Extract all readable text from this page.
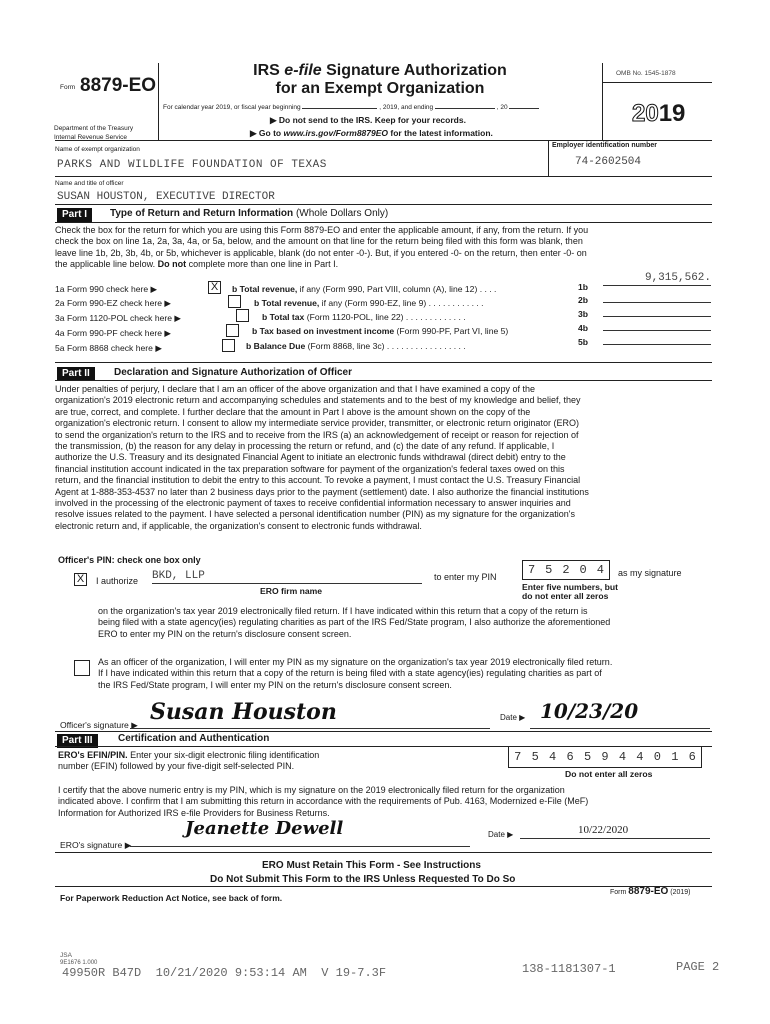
Form 8879-EO
Department of the Treasury
Internal Revenue Service
IRS e-file Signature Authorization
for an Exempt Organization
For calendar year 2019, or fiscal year beginning	, 2019, and ending	, 20
▶ Do not send to the IRS. Keep for your records.
▶ Go to www.irs.gov/Form8879EO for the latest information.
OMB No. 1545-1878
2019
Name of exempt organization
PARKS AND WILDLIFE FOUNDATION OF TEXAS
Employer identification number
74-2602504
Name and title of officer
SUSAN HOUSTON, EXECUTIVE DIRECTOR
Part I	Type of Return and Return Information (Whole Dollars Only)
Check the box for the return for which you are using this Form 8879-EO and enter the applicable amount, if any, from the return. If you
check the box on line 1a, 2a, 3a, 4a, or 5a, below, and the amount on that line for the return being filed with this form was blank, then
leave line 1b, 2b, 3b, 4b, or 5b, whichever is applicable, blank (do not enter -0-). But, if you entered -0- on the return, then enter -0- on
the applicable line below. Do not complete more than one line in Part I.
1a Form 990 check here ▶	X	b Total revenue, if any (Form 990, Part VIII, column (A), line 12) . . . .	1b
9,315,562.
2a Form 990-EZ check here ▶	b Total revenue, if any (Form 990-EZ, line 9) . . . . . . . . . . . .	2b
3a Form 1120-POL check here ▶	b Total tax (Form 1120-POL, line 22) . . . . . . . . . . . . .	3b
4a Form 990-PF check here ▶	b Tax based on investment income (Form 990-PF, Part VI, line 5)	4b
5a Form 8868 check here ▶	b Balance Due (Form 8868, line 3c) . . . . . . . . . . . . . . . . .	5b
Part II	Declaration and Signature Authorization of Officer
Under penalties of perjury, I declare that I am an officer of the above organization and that I have examined a copy of the
organization's 2019 electronic return and accompanying schedules and statements and to the best of my knowledge and belief, they
are true, correct, and complete. I further declare that the amount in Part I above is the amount shown on the copy of the
organization's electronic return. I consent to allow my intermediate service provider, transmitter, or electronic return originator (ERO)
to send the organization's return to the IRS and to receive from the IRS (a) an acknowledgement of receipt or reason for rejection of
the transmission, (b) the reason for any delay in processing the return or refund, and (c) the date of any refund. If applicable, I
authorize the U.S. Treasury and its designated Financial Agent to initiate an electronic funds withdrawal (direct debit) entry to the
financial institution account indicated in the tax preparation software for payment of the organization's federal taxes owed on this
return, and the financial institution to debit the entry to this account. To revoke a payment, I must contact the U.S. Treasury Financial
Agent at 1-888-353-4537 no later than 2 business days prior to the payment (settlement) date. I also authorize the financial institutions
involved in the processing of the electronic payment of taxes to receive confidential information necessary to answer inquiries and
resolve issues related to the payment. I have selected a personal identification number (PIN) as my signature for the organization's
electronic return and, if applicable, the organization's consent to electronic funds withdrawal.
Officer's PIN: check one box only
X	I authorize BKD, LLP
ERO firm name
to enter my PIN	7 5 2 0 4 as my signature
Enter five numbers, but
do not enter all zeros
on the organization's tax year 2019 electronically filed return. If I have indicated within this return that a copy of the return is
being filed with a state agency(ies) regulating charities as part of the IRS Fed/State program, I also authorize the aforementioned
ERO to enter my PIN on the return's disclosure consent screen.
As an officer of the organization, I will enter my PIN as my signature on the organization's tax year 2019 electronically filed return.
If I have indicated within this return that a copy of the return is being filed with a state agency(ies) regulating charities as part of
the IRS Fed/State program, I will enter my PIN on the return's disclosure consent screen.
Officer's signature ▶ Susan Houston	Date ▶ 10/23/20
Part III	Certification and Authentication
ERO's EFIN/PIN. Enter your six-digit electronic filing identification
number (EFIN) followed by your five-digit self-selected PIN.
7 5 4 6 5 9 4 4 0 1 6
Do not enter all zeros
I certify that the above numeric entry is my PIN, which is my signature on the 2019 electronically filed return for the organization
indicated above. I confirm that I am submitting this return in accordance with the requirements of Pub. 4163, Modernized e-File (MeF)
Information for Authorized IRS e-file Providers for Business Returns.
ERO's signature ▶
Jeanette Dewell	Date ▶	10/22/2020
ERO Must Retain This Form - See Instructions
Do Not Submit This Form to the IRS Unless Requested To Do So
For Paperwork Reduction Act Notice, see back of form.
Form 8879-EO (2019)
JSA
9E1676 1.000
49950R B47D  10/21/2020 9:53:14 AM  V 19-7.3F	138-1181307-1	PAGE 2
